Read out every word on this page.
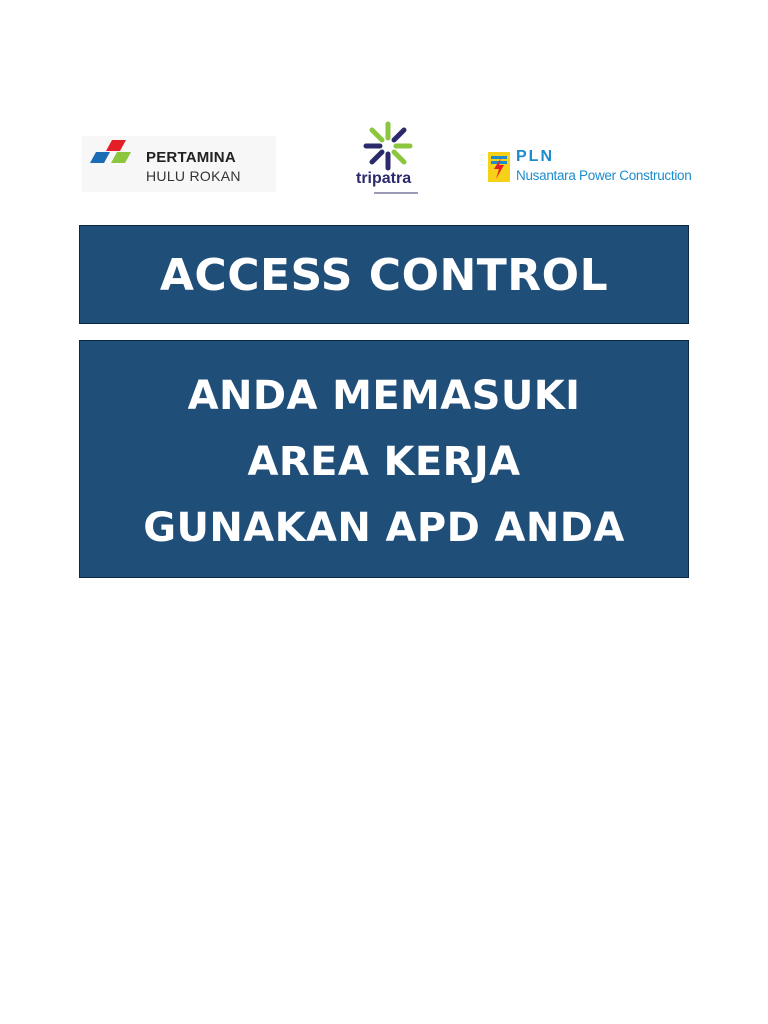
PERTAMINA
HULU ROKAN	tripatra
PLN
Nusantara Power Construction
ACCESS CONTROL
ANDA MEMASUKI
AREA KERJA
GUNAKAN APD ANDA
